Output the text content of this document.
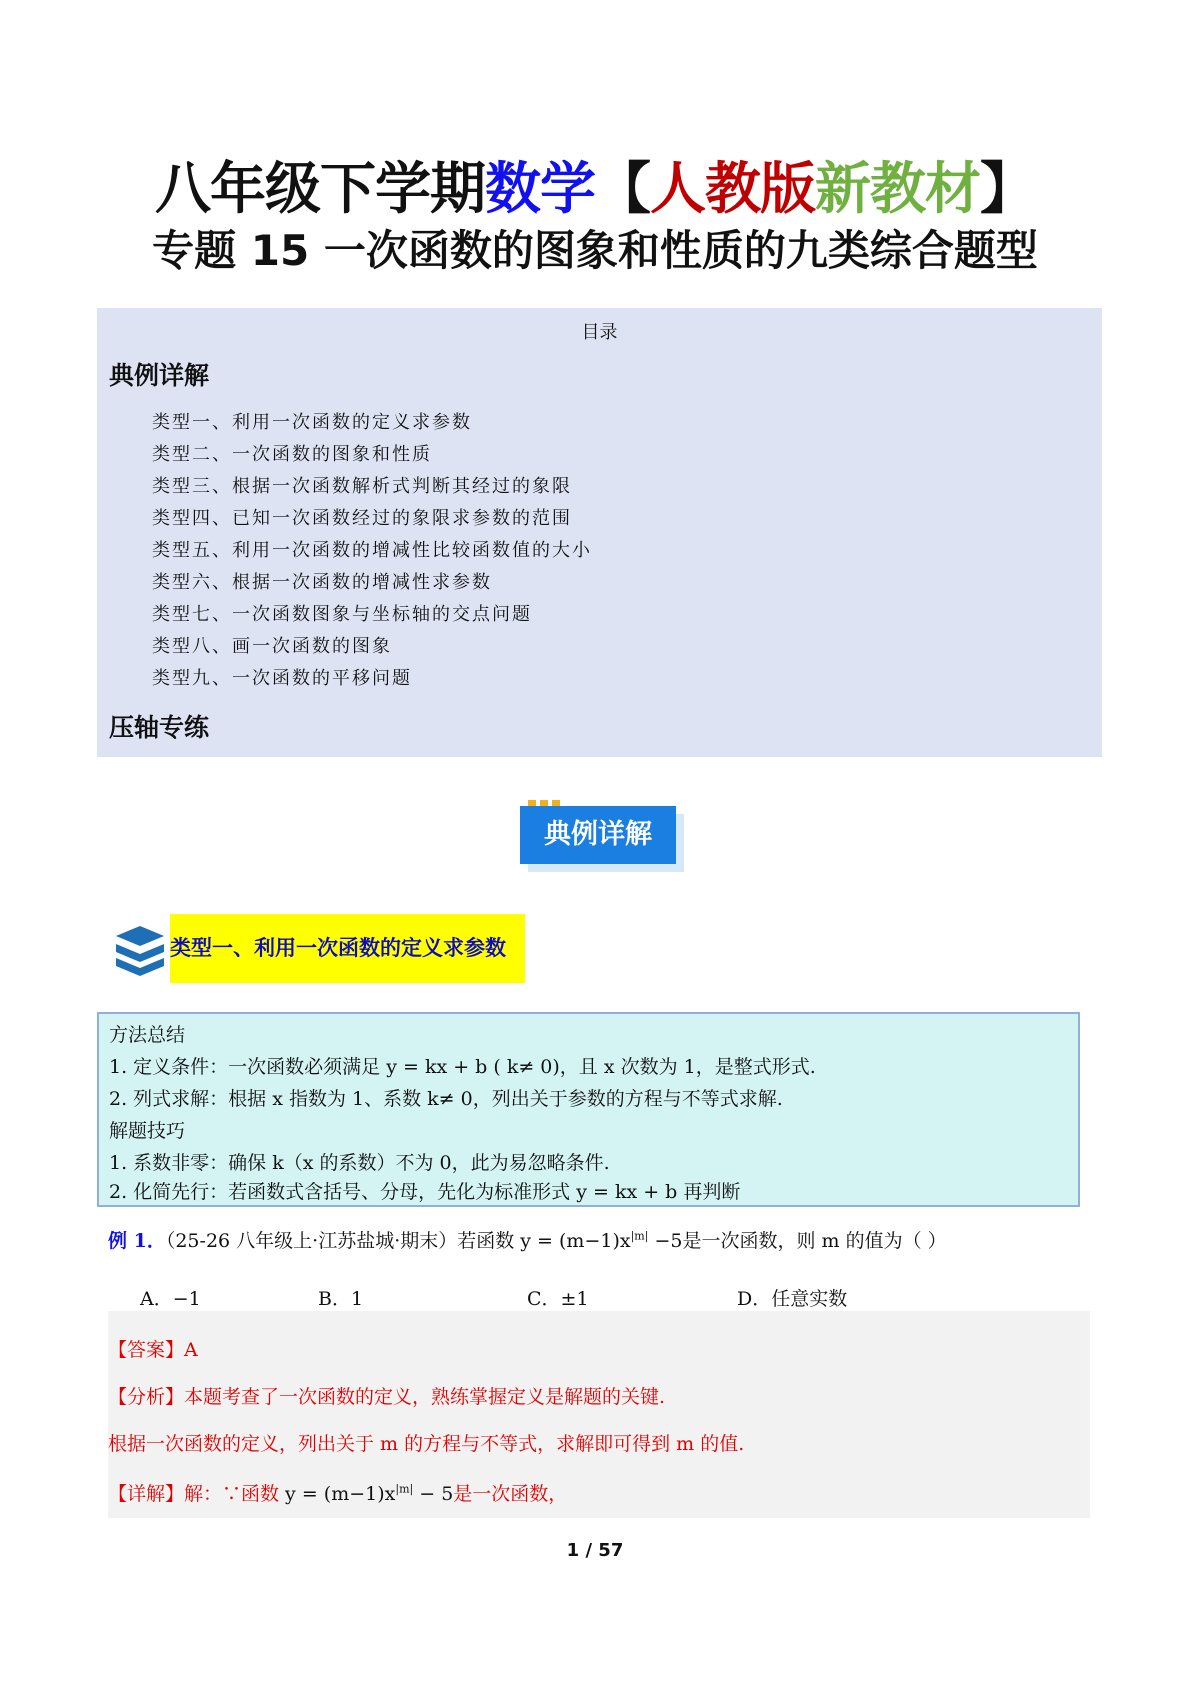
八年级下学期数学【人教版新教材】
专题 15 一次函数的图象和性质的九类综合题型
目录
典例详解
类型一、利用一次函数的定义求参数
类型二、一次函数的图象和性质
类型三、根据一次函数解析式判断其经过的象限
类型四、已知一次函数经过的象限求参数的范围
类型五、利用一次函数的增减性比较函数值的大小
类型六、根据一次函数的增减性求参数
类型七、一次函数图象与坐标轴的交点问题
类型八、画一次函数的图象
类型九、一次函数的平移问题
压轴专练
典例详解
类型一、利用一次函数的定义求参数
方法总结
1. 定义条件：一次函数必须满足 y = kx + b ( k≠ 0)，且 x 次数为 1，是整式形式.
2. 列式求解：根据 x 指数为 1、系数 k≠ 0，列出关于参数的方程与不等式求解.
解题技巧
1. 系数非零：确保 k（x 的系数）不为 0，此为易忽略条件.
2. 化简先行：若函数式含括号、分母，先化为标准形式 y = kx + b 再判断
例 1．（25-26 八年级上·江苏盐城·期末）若函数 $y = (m-1)x^{|m|} -5$是一次函数，则 m 的值为（ ）
A．−1	B．1	C．±1	D．任意实数
【答案】A
【分析】本题考查了一次函数的定义，熟练掌握定义是解题的关键.
根据一次函数的定义，列出关于 m 的方程与不等式，求解即可得到 m 的值.
【详解】解：∵函数 $y = (m-1)x^{|m|} - 5$是一次函数，
1 / 57
